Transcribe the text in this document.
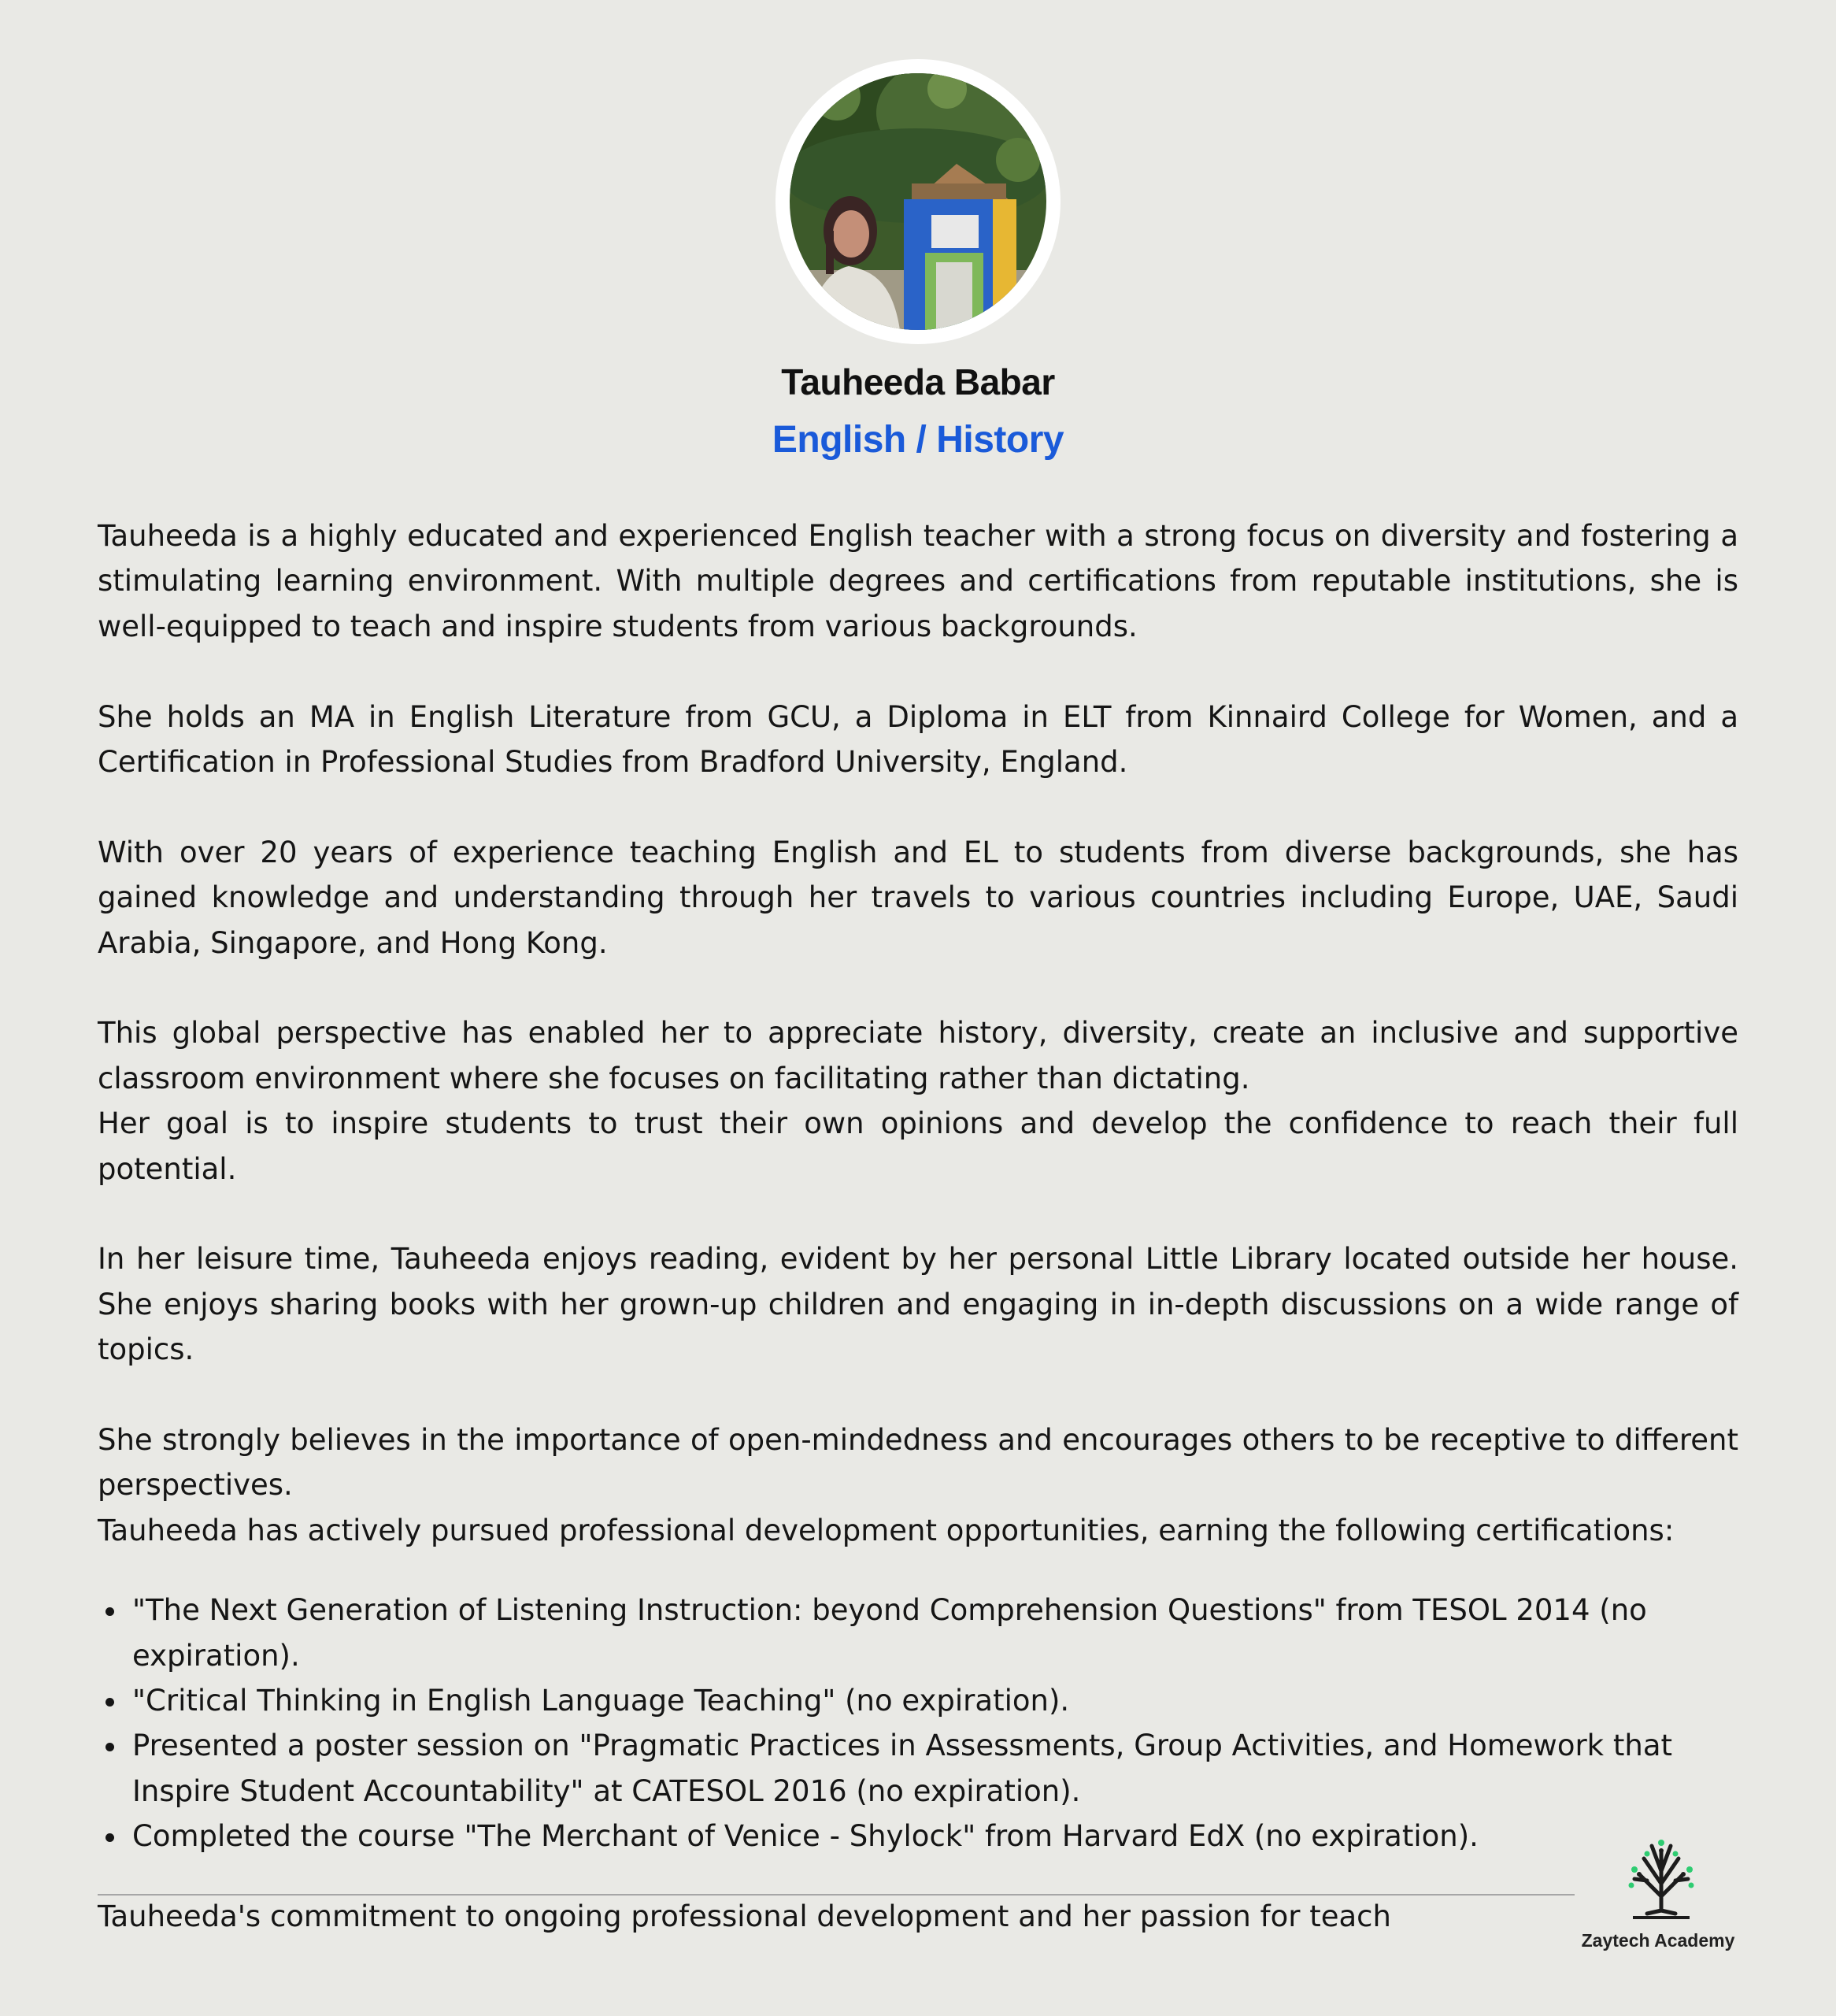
Tauheeda Babar
English / History

Tauheeda is a highly educated and experienced English teacher with a strong focus on diversity and fostering a stimulating learning environment. With multiple degrees and certifications from reputable institutions, she is well-equipped to teach and inspire students from various backgrounds.

She holds an MA in English Literature from GCU, a Diploma in ELT from Kinnaird College for Women, and a Certification in Professional Studies from Bradford University, England.

With over 20 years of experience teaching English and EL to students from diverse backgrounds, she has gained knowledge and understanding through her travels to various countries including Europe, UAE, Saudi Arabia, Singapore, and Hong Kong.

This global perspective has enabled her to appreciate history, diversity, create an inclusive and supportive classroom environment where she focuses on facilitating rather than dictating.

Her goal is to inspire students to trust their own opinions and develop the confidence to reach their full potential.

In her leisure time, Tauheeda enjoys reading, evident by her personal Little Library located outside her house. She enjoys sharing books with her grown-up children and engaging in in-depth discussions on a wide range of topics.

She strongly believes in the importance of open-mindedness and encourages others to be receptive to different perspectives.

Tauheeda has actively pursued professional development opportunities, earning the following certifications:

"The Next Generation of Listening Instruction: beyond Comprehension Questions" from TESOL 2014 (no expiration).
"Critical Thinking in English Language Teaching" (no expiration).
Presented a poster session on "Pragmatic Practices in Assessments, Group Activities, and Homework that Inspire Student Accountability" at CATESOL 2016 (no expiration).
Completed the course "The Merchant of Venice - Shylock" from Harvard EdX (no expiration).

Tauheeda's commitment to ongoing professional development and her passion for teach

Zaytech Academy
